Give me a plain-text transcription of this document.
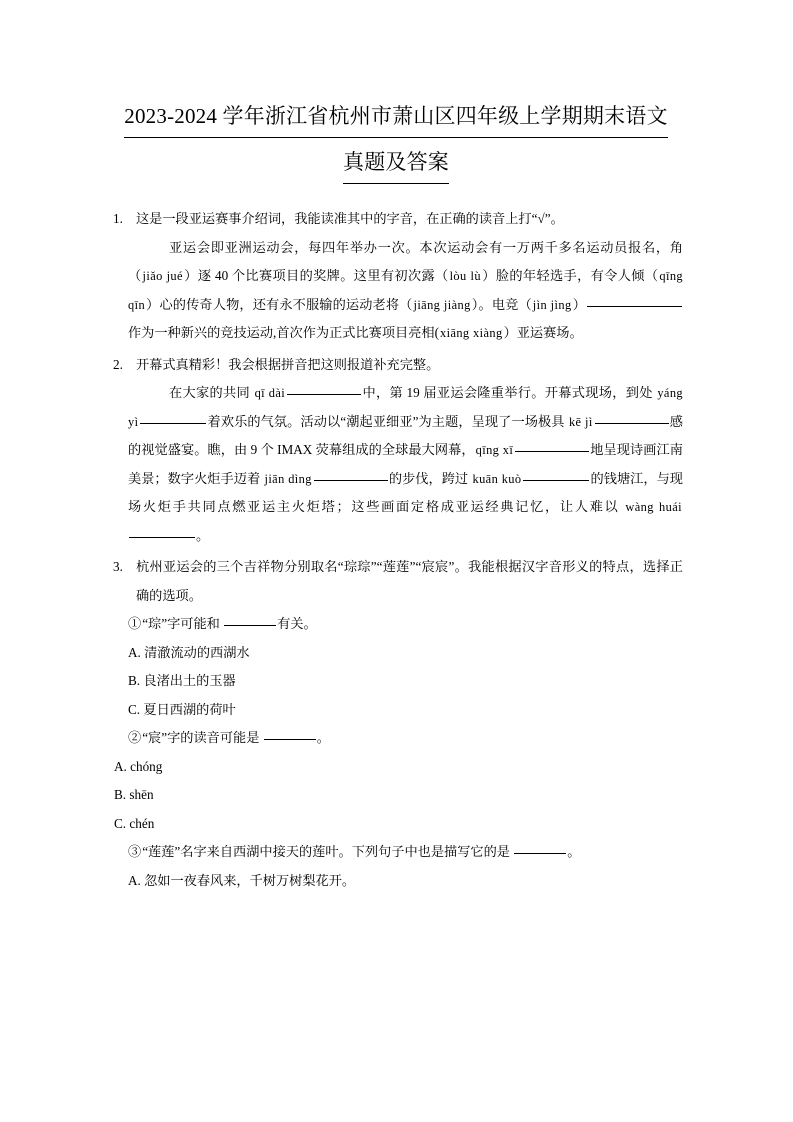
2023-2024 学年浙江省杭州市萧山区四年级上学期期末语文
真题及答案
1. 这是一段亚运赛事介绍词，我能读准其中的字音，在正确的读音上打“√”。
亚运会即亚洲运动会，每四年举办一次。本次运动会有一万两千多名运动员报名，角（jiǎo jué）逐 40 个比赛项目的奖牌。这里有初次露（lòu lù）脸的年轻选手，有令人倾（qīng qīn）心的传奇人物，还有永不服输的运动老将（jiāng jiàng）。电竞（jìn jìng）作为一种新兴的竞技运动,首次作为正式比赛项目亮相(xiāng xiàng）亚运赛场。
2. 开幕式真精彩！我会根据拼音把这则报道补充完整。
在大家的共同 qī dài	中，第 19 届亚运会隆重举行。开幕式现场，到处 yáng yì	着欢乐的气氛。活动以“潮起亚细亚”为主题，呈现了一场极具 kē jì	感的视觉盛宴。瞧，由 9 个 IMAX 荧幕组成的全球最大网幕，qīng xī	地呈现诗画江南美景；数字火炬手迈着 jiān dìng	的步伐，跨过 kuān kuò	的钱塘江，与现场火炬手共同点燃亚运主火炬塔；这些画面定格成亚运经典记忆，让人难以 wàng huái。
3. 杭州亚运会的三个吉祥物分别取名“琮琮”“莲莲”“宸宸”。我能根据汉字音形义的特点，选择正确的选项。
①“琮”字可能和	有关。
A. 清澈流动的西湖水
B. 良渚出土的玉器
C. 夏日西湖的荷叶
②“宸”字的读音可能是	。
A. chóng
B. shēn
C. chén
③“莲莲”名字来自西湖中接天的莲叶。下列句子中也是描写它的是	。
A. 忽如一夜春风来，千树万树梨花开。
